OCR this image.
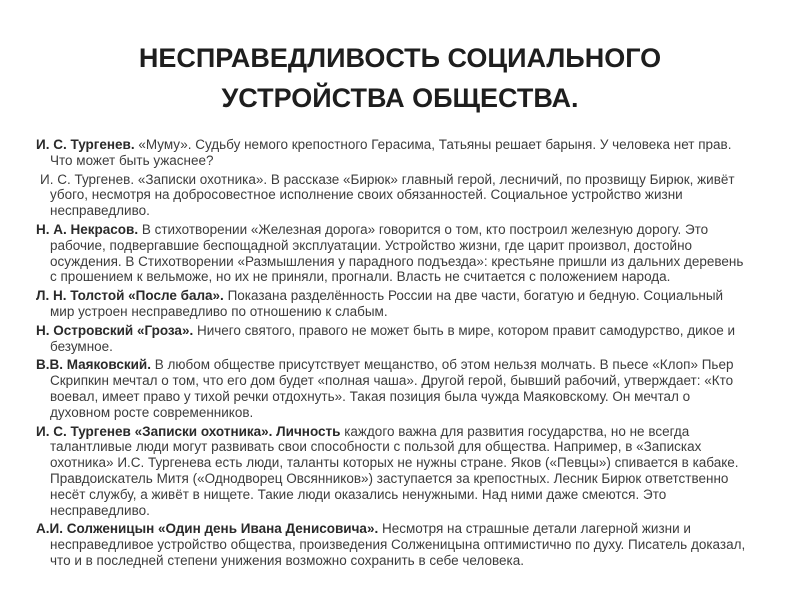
НЕСПРАВЕДЛИВОСТЬ СОЦИАЛЬНОГО
УСТРОЙСТВА ОБЩЕСТВА.

И. С. Тургенев. «Муму». Судьбу немого крепостного Герасима, Татьяны решает барыня. У человека нет прав. Что может быть ужаснее?

И. С. Тургенев. «Записки охотника». В рассказе «Бирюк» главный герой, лесничий, по прозвищу Бирюк, живёт убого, несмотря на добросовестное исполнение своих обязанностей. Социальное устройство жизни несправедливо.

Н. А. Некрасов. В стихотворении «Железная дорога» говорится о том, кто построил железную дорогу. Это рабочие, подвергавшие беспощадной эксплуатации. Устройство жизни, где царит произвол, достойно осуждения. В Стихотворении «Размышления у парадного подъезда»: крестьяне пришли из дальних деревень с прошением к вельможе, но их не приняли, прогнали. Власть не считается с положением народа.

Л. Н. Толстой «После бала». Показана разделённость России на две части, богатую и бедную. Социальный мир устроен несправедливо по отношению к слабым.

Н. Островский «Гроза». Ничего святого, правого не может быть в мире, котором правит самодурство, дикое и безумное.

В.В. Маяковский. В любом обществе присутствует мещанство, об этом нельзя молчать. В пьесе «Клоп» Пьер Скрипкин мечтал о том, что его дом будет «полная чаша». Другой герой, бывший рабочий, утверждает: «Кто воевал, имеет право у тихой речки отдохнуть». Такая позиция была чужда Маяковскому. Он мечтал о духовном росте современников.

И. С. Тургенев «Записки охотника». Личность каждого важна для развития государства, но не всегда талантливые люди могут развивать свои способности с пользой для общества. Например, в «Записках охотника» И.С. Тургенева есть люди, таланты которых не нужны стране. Яков («Певцы») спивается в кабаке. Правдоискатель Митя («Однодворец Овсянников») заступается за крепостных. Лесник Бирюк ответственно несёт службу, а живёт в нищете. Такие люди оказались ненужными. Над ними даже смеются. Это несправедливо.

А.И. Солженицын «Один день Ивана Денисовича». Несмотря на страшные детали лагерной жизни и несправедливое устройство общества, произведения Солженицына оптимистично по духу. Писатель доказал, что и в последней степени унижения возможно сохранить в себе человека.
